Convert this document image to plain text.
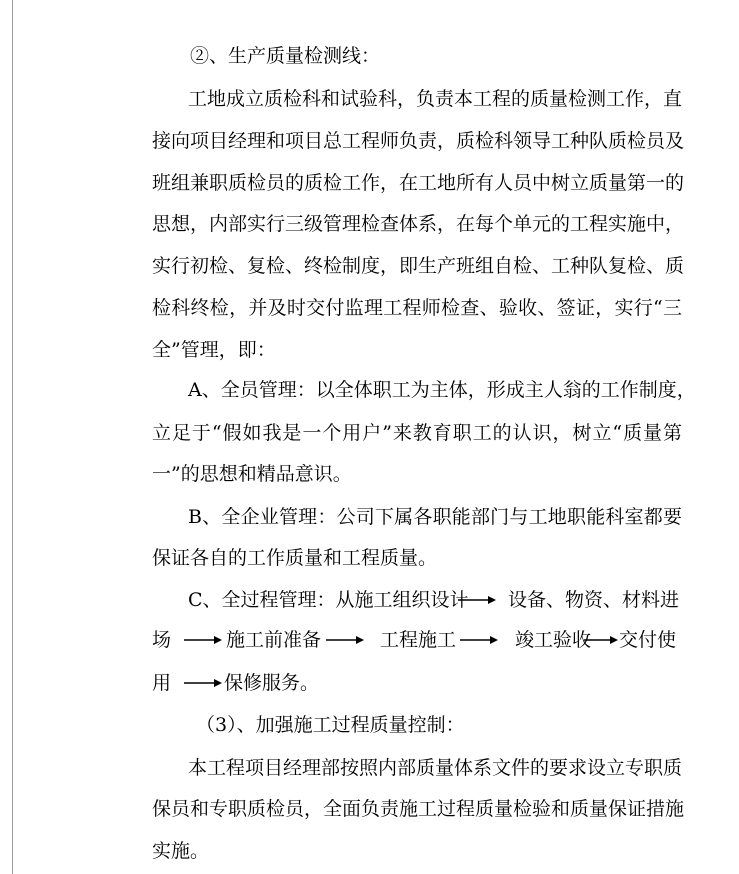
②、生产质量检测线：
工地成立质检科和试验科，负责本工程的质量检测工作，直
接向项目经理和项目总工程师负责，质检科领导工种队质检员及
班组兼职质检员的质检工作，在工地所有人员中树立质量第一的
思想，内部实行三级管理检查体系，在每个单元的工程实施中，
实行初检、复检、终检制度，即生产班组自检、工种队复检、质
检科终检，并及时交付监理工程师检查、验收、签证，实行“三
全”管理，即：
A、全员管理：以全体职工为主体，形成主人翁的工作制度，
立足于“假如我是一个用户”来教育职工的认识，树立“质量第
一”的思想和精品意识。
B、全企业管理：公司下属各职能部门与工地职能科室都要
保证各自的工作质量和工程质量。
C、全过程管理：从施工组织设计 设备、物资、材料进
场	施工前准备	工程施工	竣工验收 交付使
用	保修服务。
（3）、加强施工过程质量控制：
本工程项目经理部按照内部质量体系文件的要求设立专职质
保员和专职质检员，全面负责施工过程质量检验和质量保证措施
实施。
